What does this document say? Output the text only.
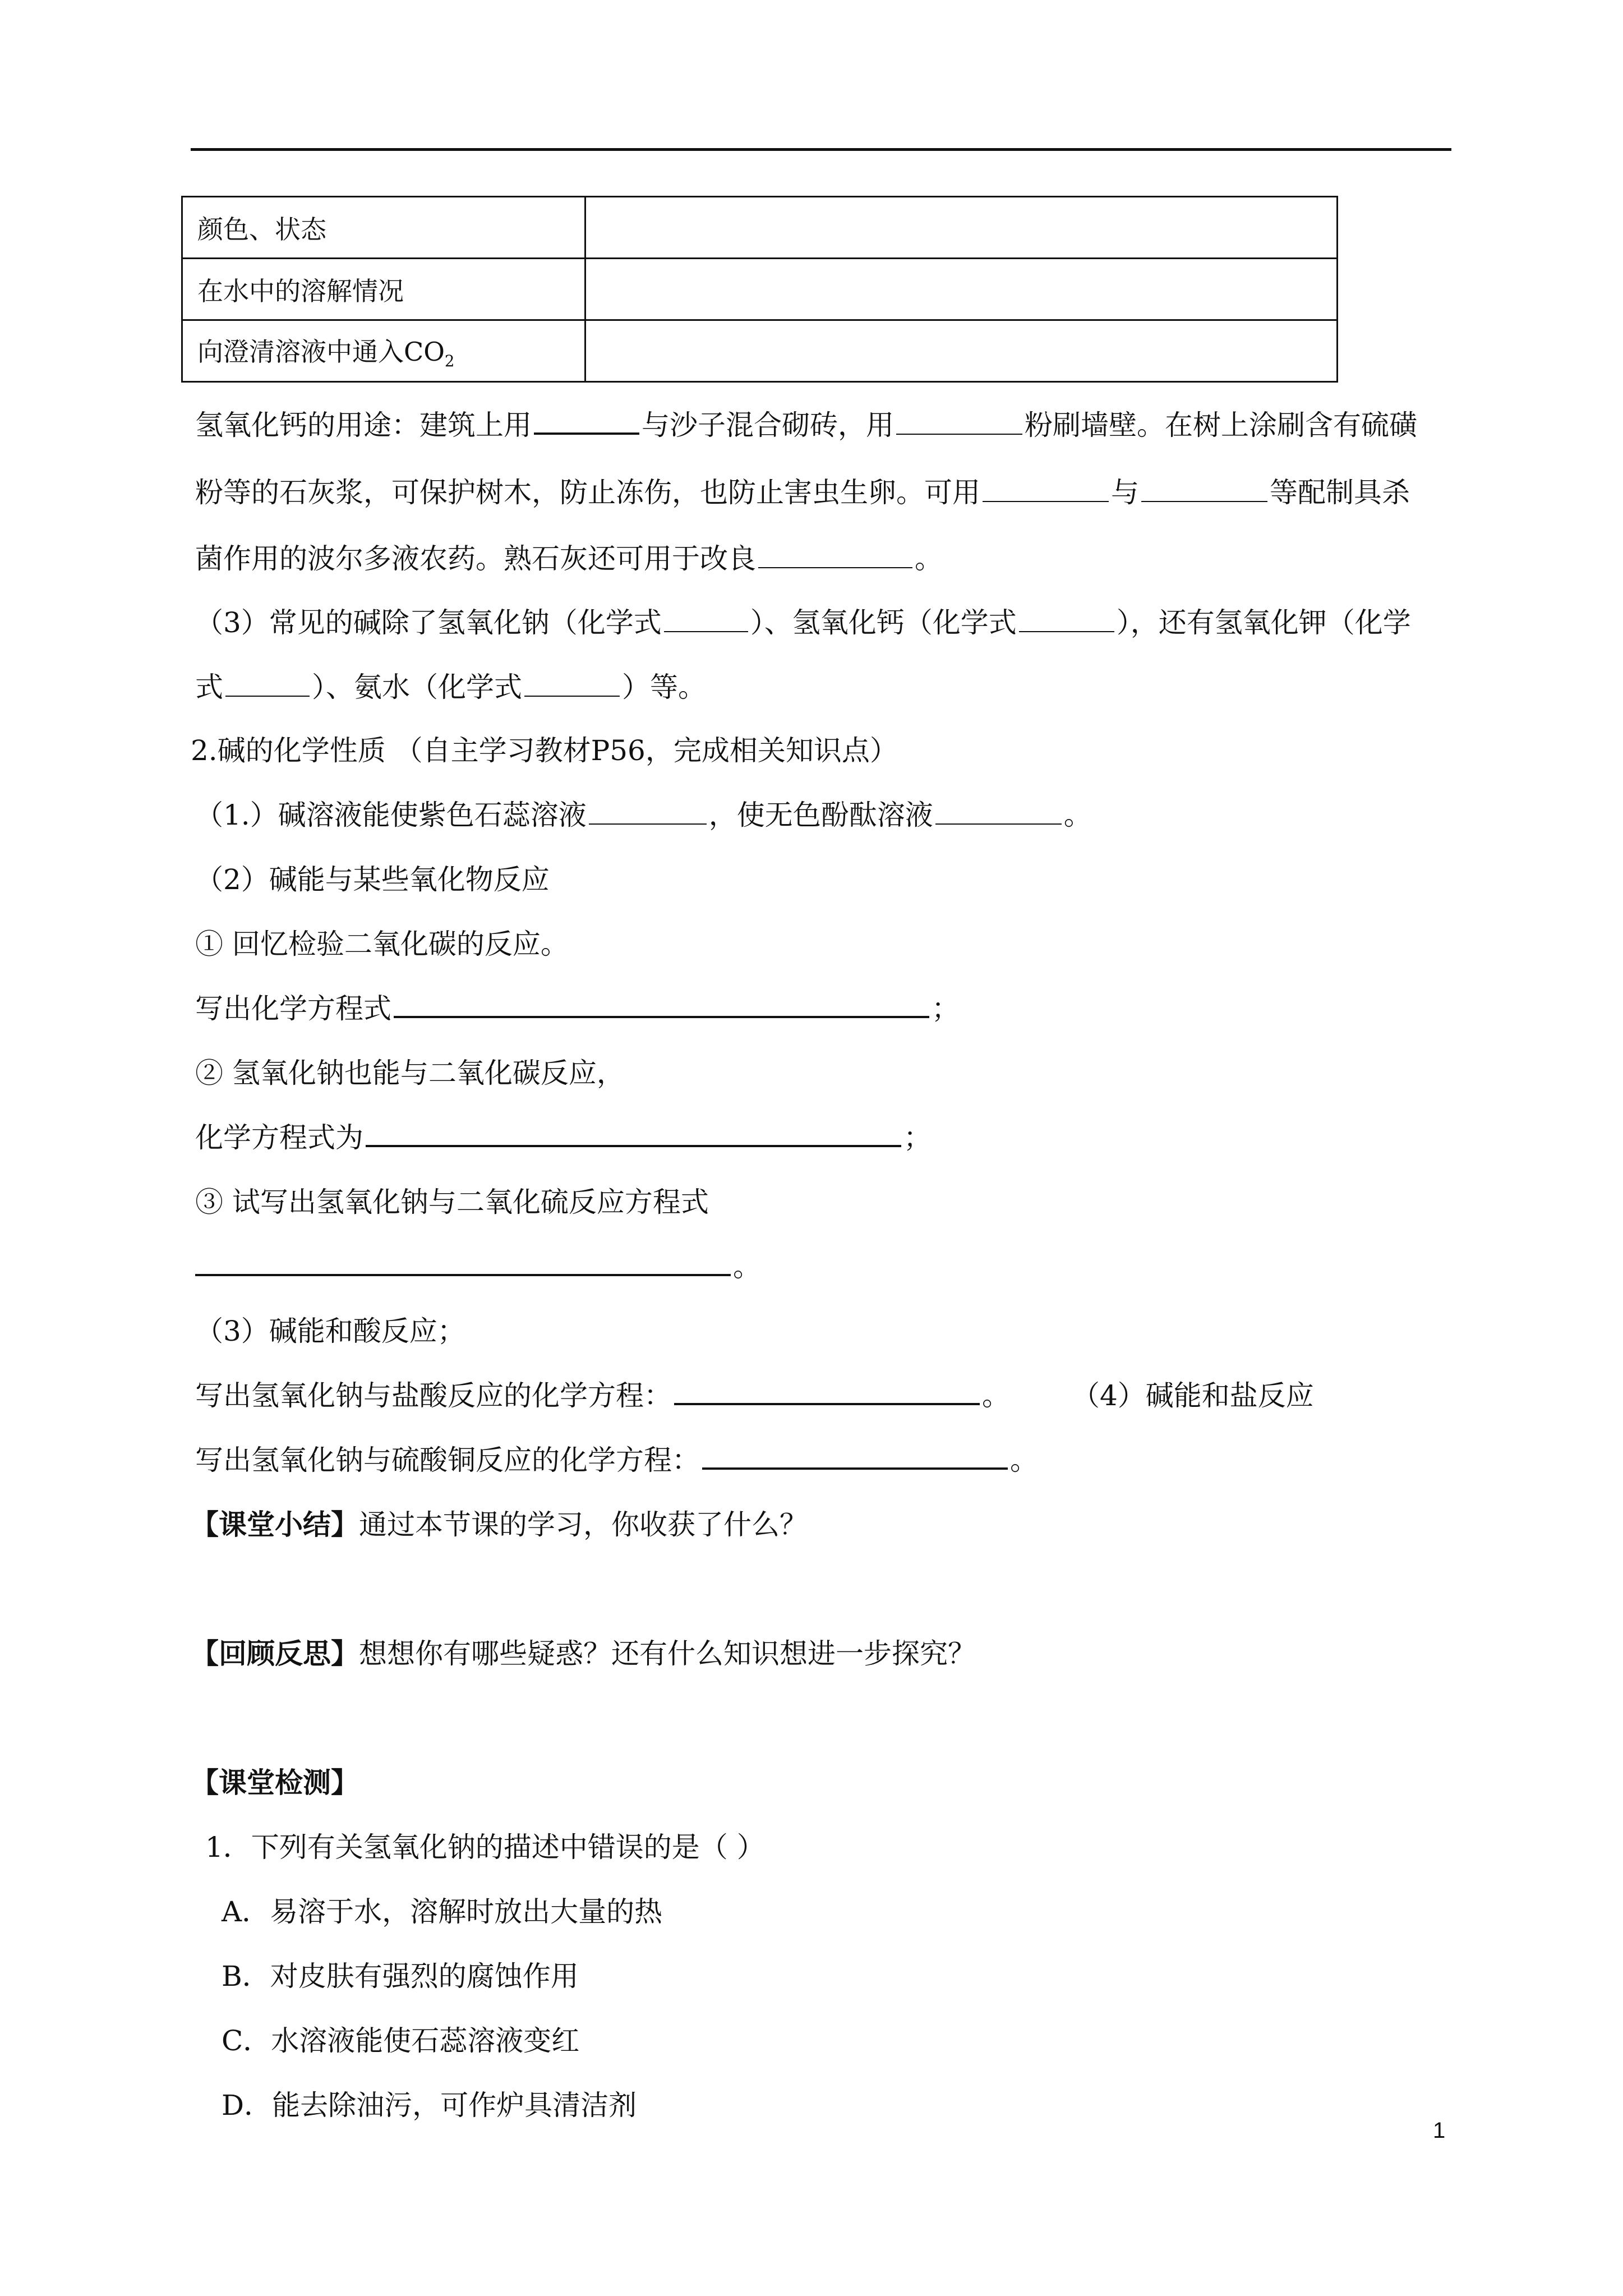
颜色、状态	
在水中的溶解情况	
向澄清溶液中通入$CO_2$	
氢氧化钙的用途：建筑上用	与沙子混合砌砖，用	粉刷墙壁。在树上涂刷含有硫磺
粉等的石灰浆，可保护树木，防止冻伤，也防止害虫生卵。可用	与	等配制具杀
菌作用的波尔多液农药。熟石灰还可用于改良	。
（3）常见的碱除了氢氧化钠（化学式	）、氢氧化钙（化学式	），还有氢氧化钾（化学
式	）、氨水（化学式	）等。
2.碱的化学性质 （自主学习教材P56，完成相关知识点）
（1.）碱溶液能使紫色石蕊溶液	，使无色酚酞溶液	。
（2）碱能与某些氧化物反应
① 回忆检验二氧化碳的反应。
写出化学方程式	；
② 氢氧化钠也能与二氧化碳反应，
化学方程式为	；
③ 试写出氢氧化钠与二氧化硫反应方程式
。
（3）碱能和酸反应；
写出氢氧化钠与盐酸反应的化学方程：	。 （4）碱能和盐反应
写出氢氧化钠与硫酸铜反应的化学方程：	。
【课堂小结】通过本节课的学习，你收获了什么？
【回顾反思】想想你有哪些疑惑？还有什么知识想进一步探究？
【课堂检测】
1．下列有关氢氧化钠的描述中错误的是（ ）
A．易溶于水，溶解时放出大量的热
B．对皮肤有强烈的腐蚀作用
C．水溶液能使石蕊溶液变红
D．能去除油污，可作炉具清洁剂
1
